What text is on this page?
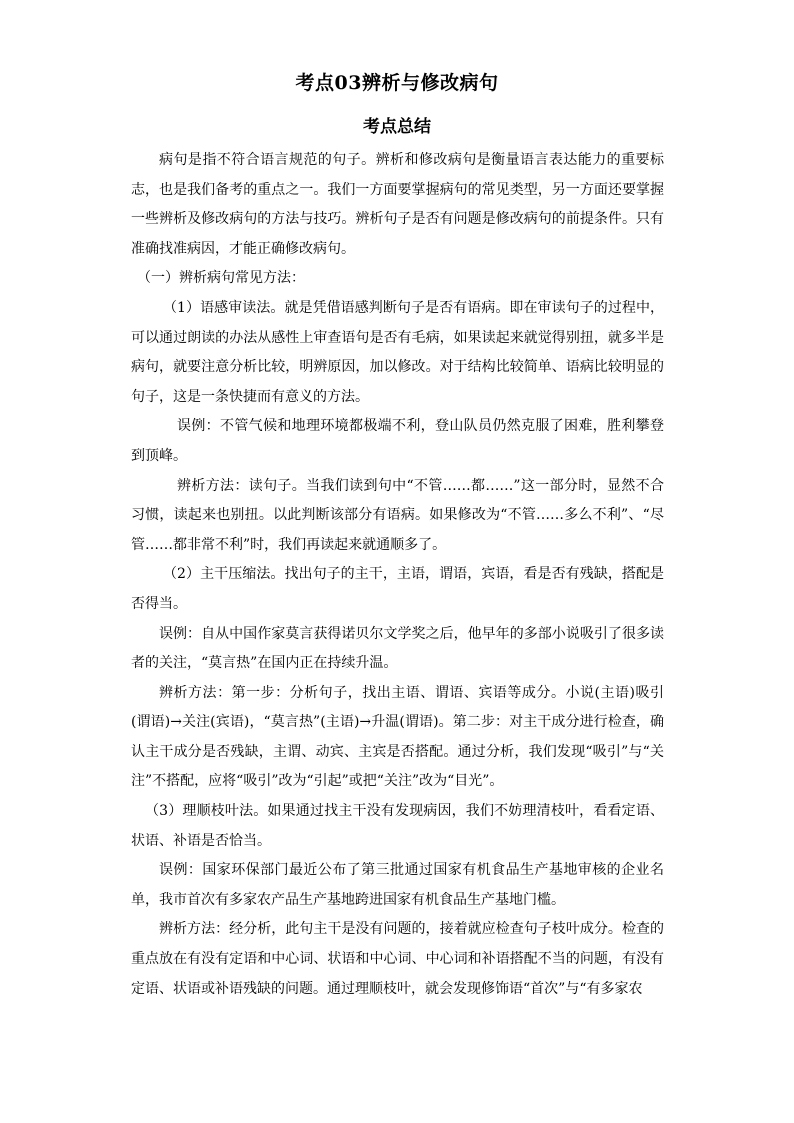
考点03辨析与修改病句
考点总结

病句是指不符合语言规范的句子。辨析和修改病句是衡量语言表达能力的重要标志，也是我们备考的重点之一。我们一方面要掌握病句的常见类型，另一方面还要掌握一些辨析及修改病句的方法与技巧。辨析句子是否有问题是修改病句的前提条件。只有准确找准病因，才能正确修改病句。

（一）辨析病句常见方法：

（1）语感审读法。就是凭借语感判断句子是否有语病。即在审读句子的过程中，可以通过朗读的办法从感性上审查语句是否有毛病，如果读起来就觉得别扭，就多半是病句，就要注意分析比较，明辨原因，加以修改。对于结构比较简单、语病比较明显的句子，这是一条快捷而有意义的方法。

误例：不管气候和地理环境都极端不利，登山队员仍然克服了困难，胜利攀登到顶峰。

辨析方法：读句子。当我们读到句中“不管……都……”这一部分时，显然不合习惯，读起来也别扭。以此判断该部分有语病。如果修改为“不管……多么不利”、“尽管……都非常不利”时，我们再读起来就通顺多了。

（2）主干压缩法。找出句子的主干，主语，谓语，宾语，看是否有残缺，搭配是否得当。

误例：自从中国作家莫言获得诺贝尔文学奖之后，他早年的多部小说吸引了很多读者的关注，“莫言热”在国内正在持续升温。

辨析方法：第一步：分析句子，找出主语、谓语、宾语等成分。小说(主语)吸引(谓语)→关注(宾语)，“莫言热”(主语)→升温(谓语)。第二步：对主干成分进行检查，确认主干成分是否残缺，主谓、动宾、主宾是否搭配。通过分析，我们发现“吸引”与“关注”不搭配，应将“吸引”改为“引起”或把“关注”改为“目光”。

（3）理顺枝叶法。如果通过找主干没有发现病因，我们不妨理清枝叶，看看定语、状语、补语是否恰当。

误例：国家环保部门最近公布了第三批通过国家有机食品生产基地审核的企业名单，我市首次有多家农产品生产基地跨进国家有机食品生产基地门槛。

辨析方法：经分析，此句主干是没有问题的，接着就应检查句子枝叶成分。检查的重点放在有没有定语和中心词、状语和中心词、中心词和补语搭配不当的问题，有没有定语、状语或补语残缺的问题。通过理顺枝叶，就会发现修饰语“首次”与“有多家农
